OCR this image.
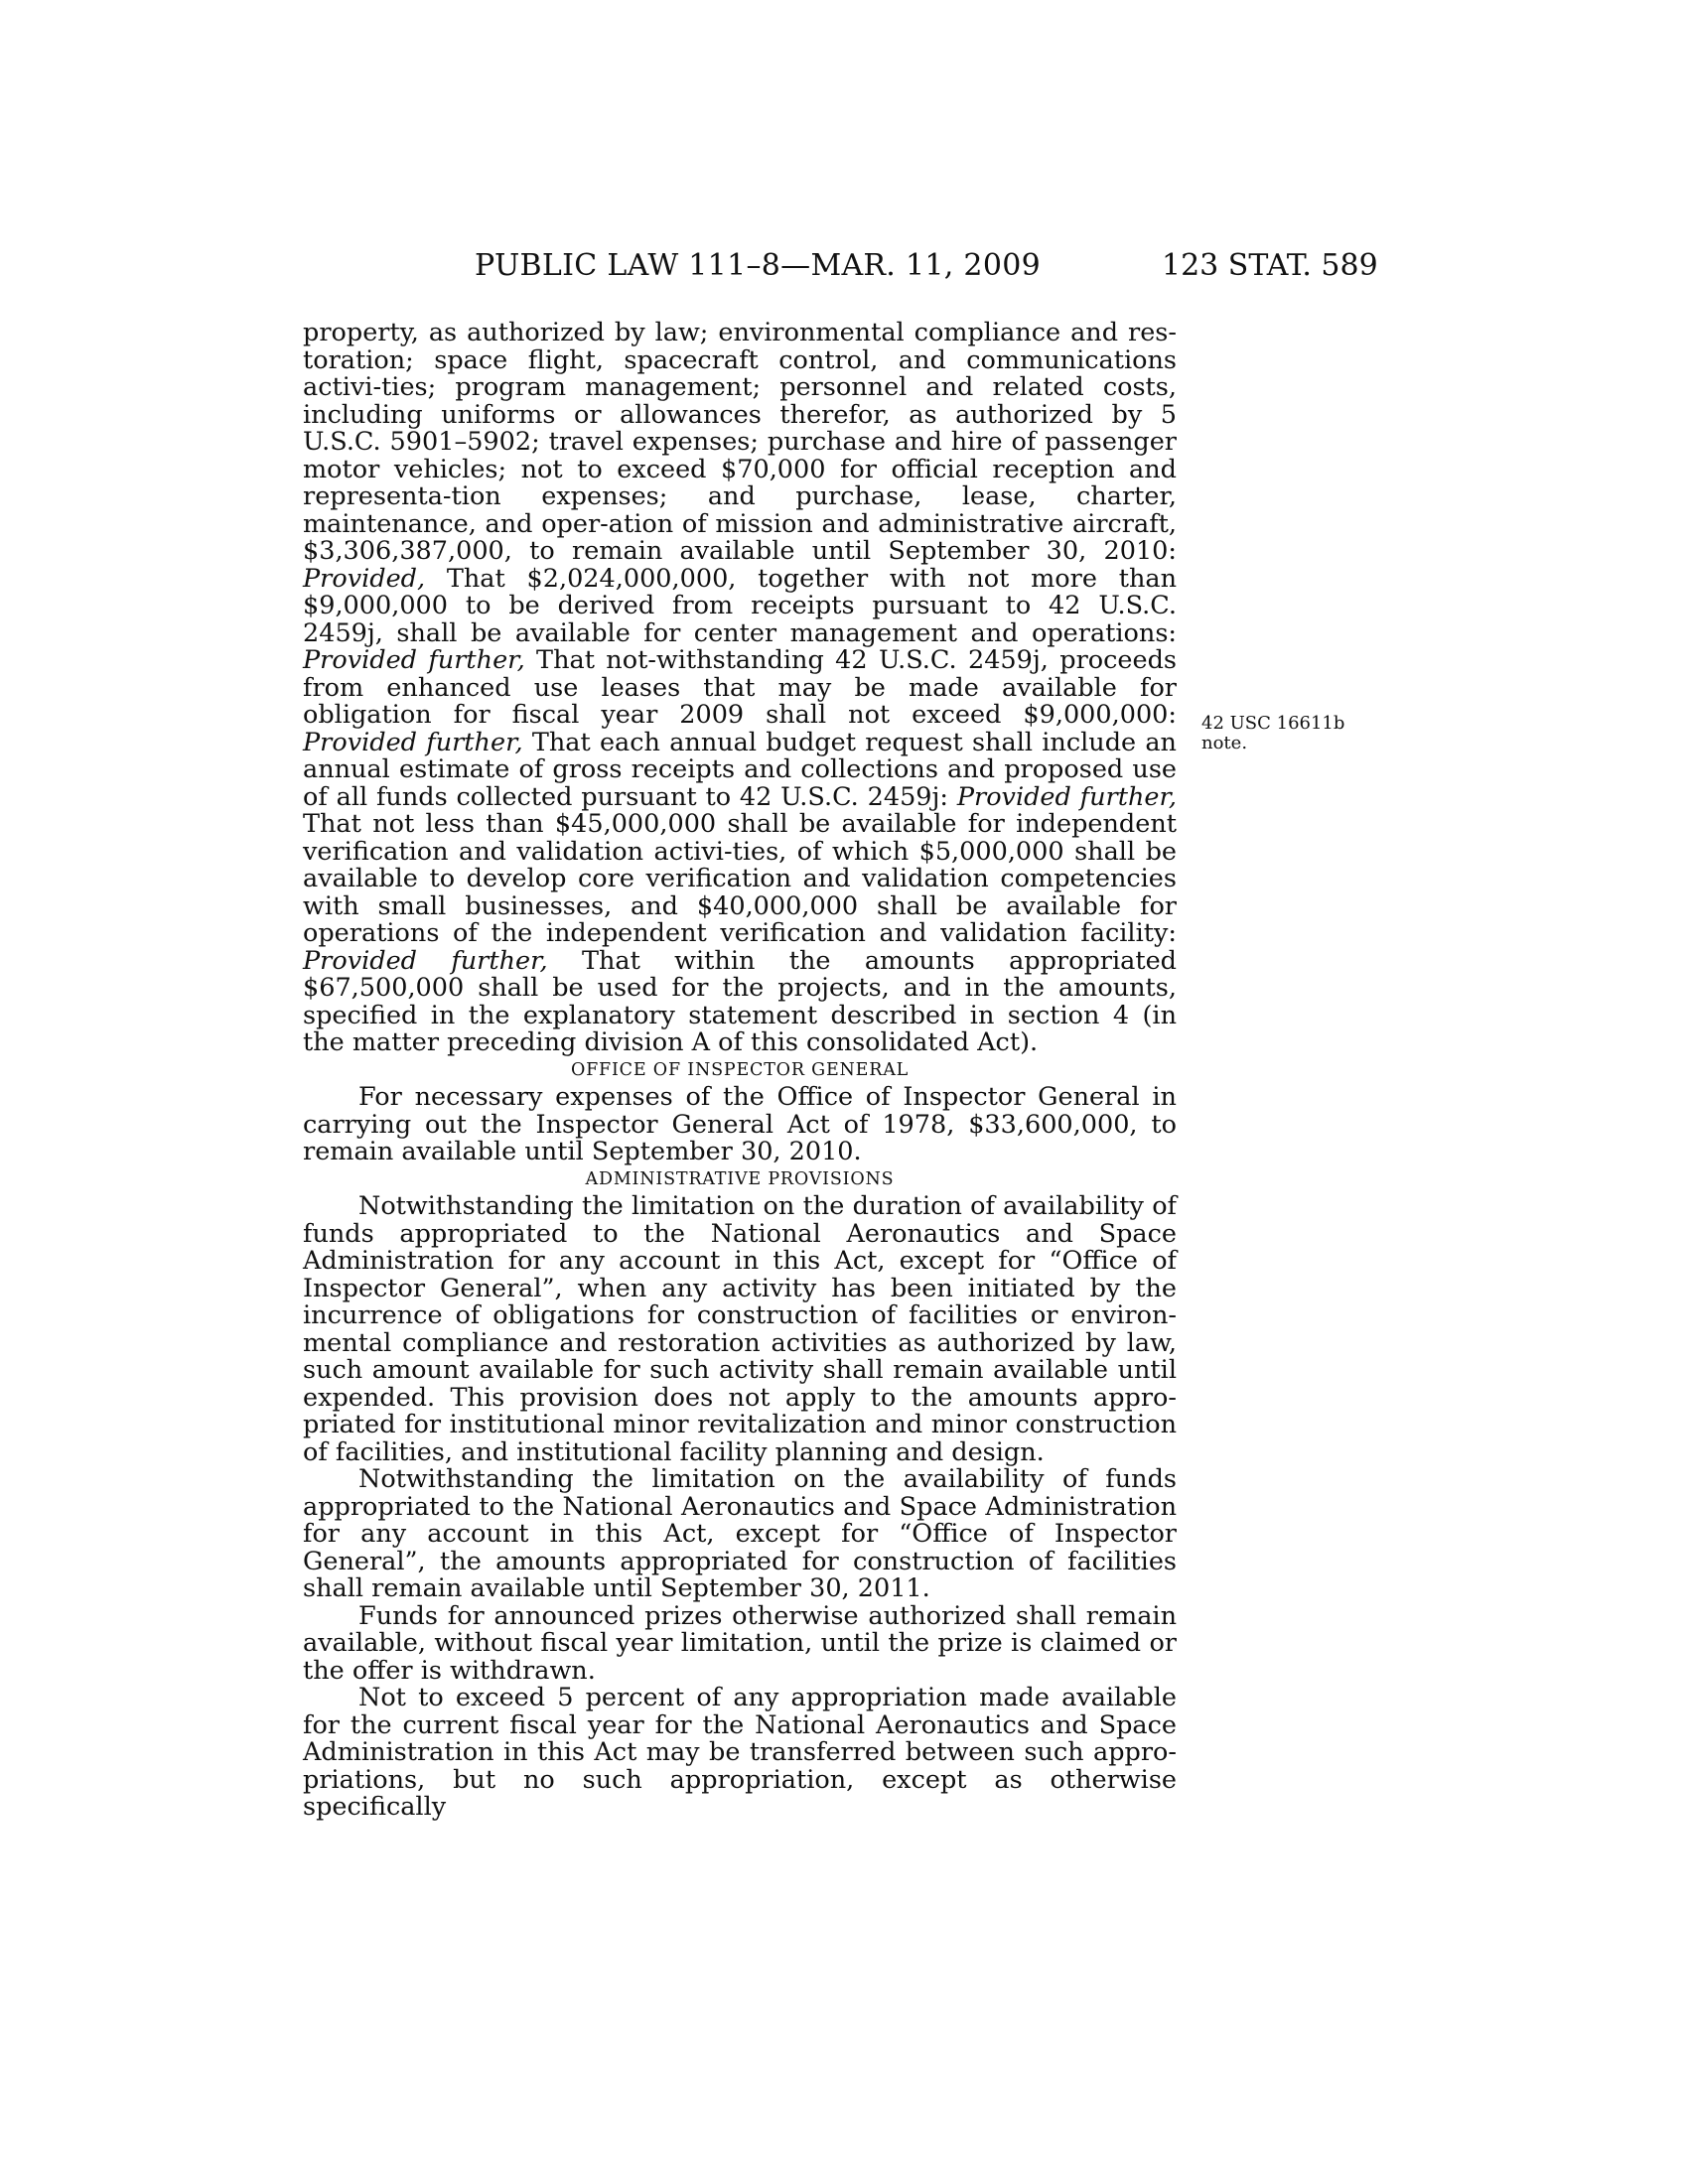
PUBLIC LAW 111–8—MAR. 11, 2009	123 STAT. 589

property, as authorized by law; environmental compliance and res-toration; space flight, spacecraft control, and communications activi-ties; program management; personnel and related costs, including uniforms or allowances therefor, as authorized by 5 U.S.C. 5901–5902; travel expenses; purchase and hire of passenger motor vehicles; not to exceed $70,000 for official reception and representa-tion expenses; and purchase, lease, charter, maintenance, and oper-ation of mission and administrative aircraft, $3,306,387,000, to remain available until September 30, 2010: Provided, That $2,024,000,000, together with not more than $9,000,000 to be derived from receipts pursuant to 42 U.S.C. 2459j, shall be available for center management and operations: Provided further, That not-withstanding 42 U.S.C. 2459j, proceeds from enhanced use leases that may be made available for obligation for fiscal year 2009 shall not exceed $9,000,000: Provided further, That each annual budget request shall include an annual estimate of gross receipts and collections and proposed use of all funds collected pursuant to 42 U.S.C. 2459j: Provided further, That not less than $45,000,000 shall be available for independent verification and validation activi-ties, of which $5,000,000 shall be available to develop core verification and validation competencies with small businesses, and $40,000,000 shall be available for operations of the independent verification and validation facility: Provided further, That within the amounts appropriated $67,500,000 shall be used for the projects, and in the amounts, specified in the explanatory statement described in section 4 (in the matter preceding division A of this consolidated Act).

OFFICE OF INSPECTOR GENERAL

For necessary expenses of the Office of Inspector General in carrying out the Inspector General Act of 1978, $33,600,000, to remain available until September 30, 2010.

ADMINISTRATIVE PROVISIONS

Notwithstanding the limitation on the duration of availability of funds appropriated to the National Aeronautics and Space Administration for any account in this Act, except for “Office of Inspector General”, when any activity has been initiated by the incurrence of obligations for construction of facilities or environ-mental compliance and restoration activities as authorized by law, such amount available for such activity shall remain available until expended. This provision does not apply to the amounts appro-priated for institutional minor revitalization and minor construction of facilities, and institutional facility planning and design.

Notwithstanding the limitation on the availability of funds appropriated to the National Aeronautics and Space Administration for any account in this Act, except for “Office of Inspector General”, the amounts appropriated for construction of facilities shall remain available until September 30, 2011.

Funds for announced prizes otherwise authorized shall remain available, without fiscal year limitation, until the prize is claimed or the offer is withdrawn.

Not to exceed 5 percent of any appropriation made available for the current fiscal year for the National Aeronautics and Space Administration in this Act may be transferred between such appro-priations, but no such appropriation, except as otherwise specifically

42 USC 16611b
note.
